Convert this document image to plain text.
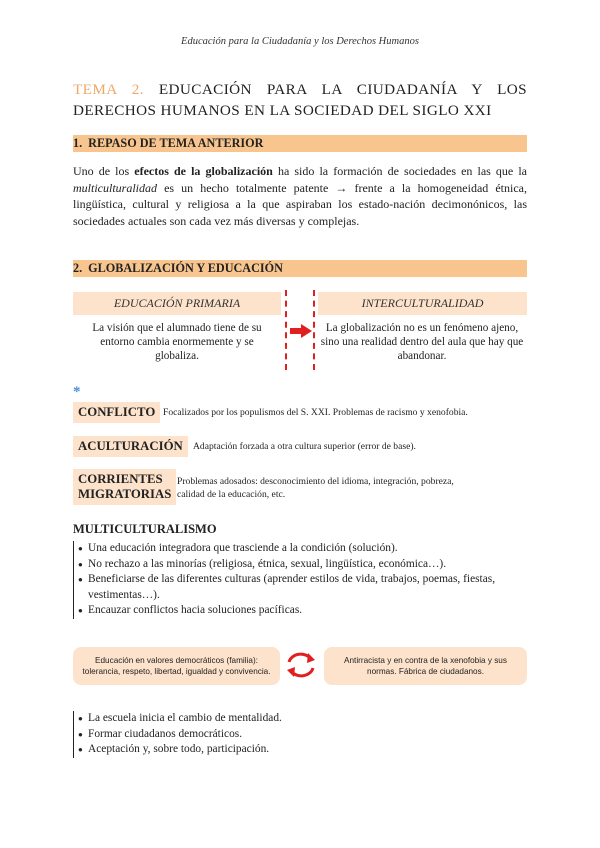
Educación para la Ciudadanía y los Derechos Humanos
TEMA 2. EDUCACIÓN PARA LA CIUDADANÍA Y LOS DERECHOS HUMANOS EN LA SOCIEDAD DEL SIGLO XXI
1. REPASO DE TEMA ANTERIOR
Uno de los efectos de la globalización ha sido la formación de sociedades en las que la multiculturalidad es un hecho totalmente patente → frente a la homogeneidad étnica, lingüística, cultural y religiosa a la que aspiraban los estado-nación decimonónicos, las sociedades actuales son cada vez más diversas y complejas.
2. GLOBALIZACIÓN Y EDUCACIÓN
EDUCACIÓN PRIMARIA
La visión que el alumnado tiene de su entorno cambia enormemente y se globaliza.
INTERCULTURALIDAD
La globalización no es un fenómeno ajeno, sino una realidad dentro del aula que hay que abandonar.
*
CONFLICTO Focalizados por los populismos del S. XXI. Problemas de racismo y xenofobia.
ACULTURACIÓN	Adaptación forzada a otra cultura superior (error de base).
CORRIENTES
MIGRATORIAS
Problemas adosados: desconocimiento del idioma, integración, pobreza,
calidad de la educación, etc.
MULTICULTURALISMO
● Una educación integradora que trasciende a la condición (solución).
● No rechazo a las minorías (religiosa, étnica, sexual, lingüística, económica…).
● Beneficiarse de las diferentes culturas (aprender estilos de vida, trabajos, poemas, fiestas, vestimentas…).
● Encauzar conflictos hacia soluciones pacíficas.
Educación en valores democráticos (familia):
tolerancia, respeto, libertad, igualdad y convivencia.
Antirracista y en contra de la xenofobia y sus
normas. Fábrica de ciudadanos.
● La escuela inicia el cambio de mentalidad.
● Formar ciudadanos democráticos.
● Aceptación y, sobre todo, participación.
